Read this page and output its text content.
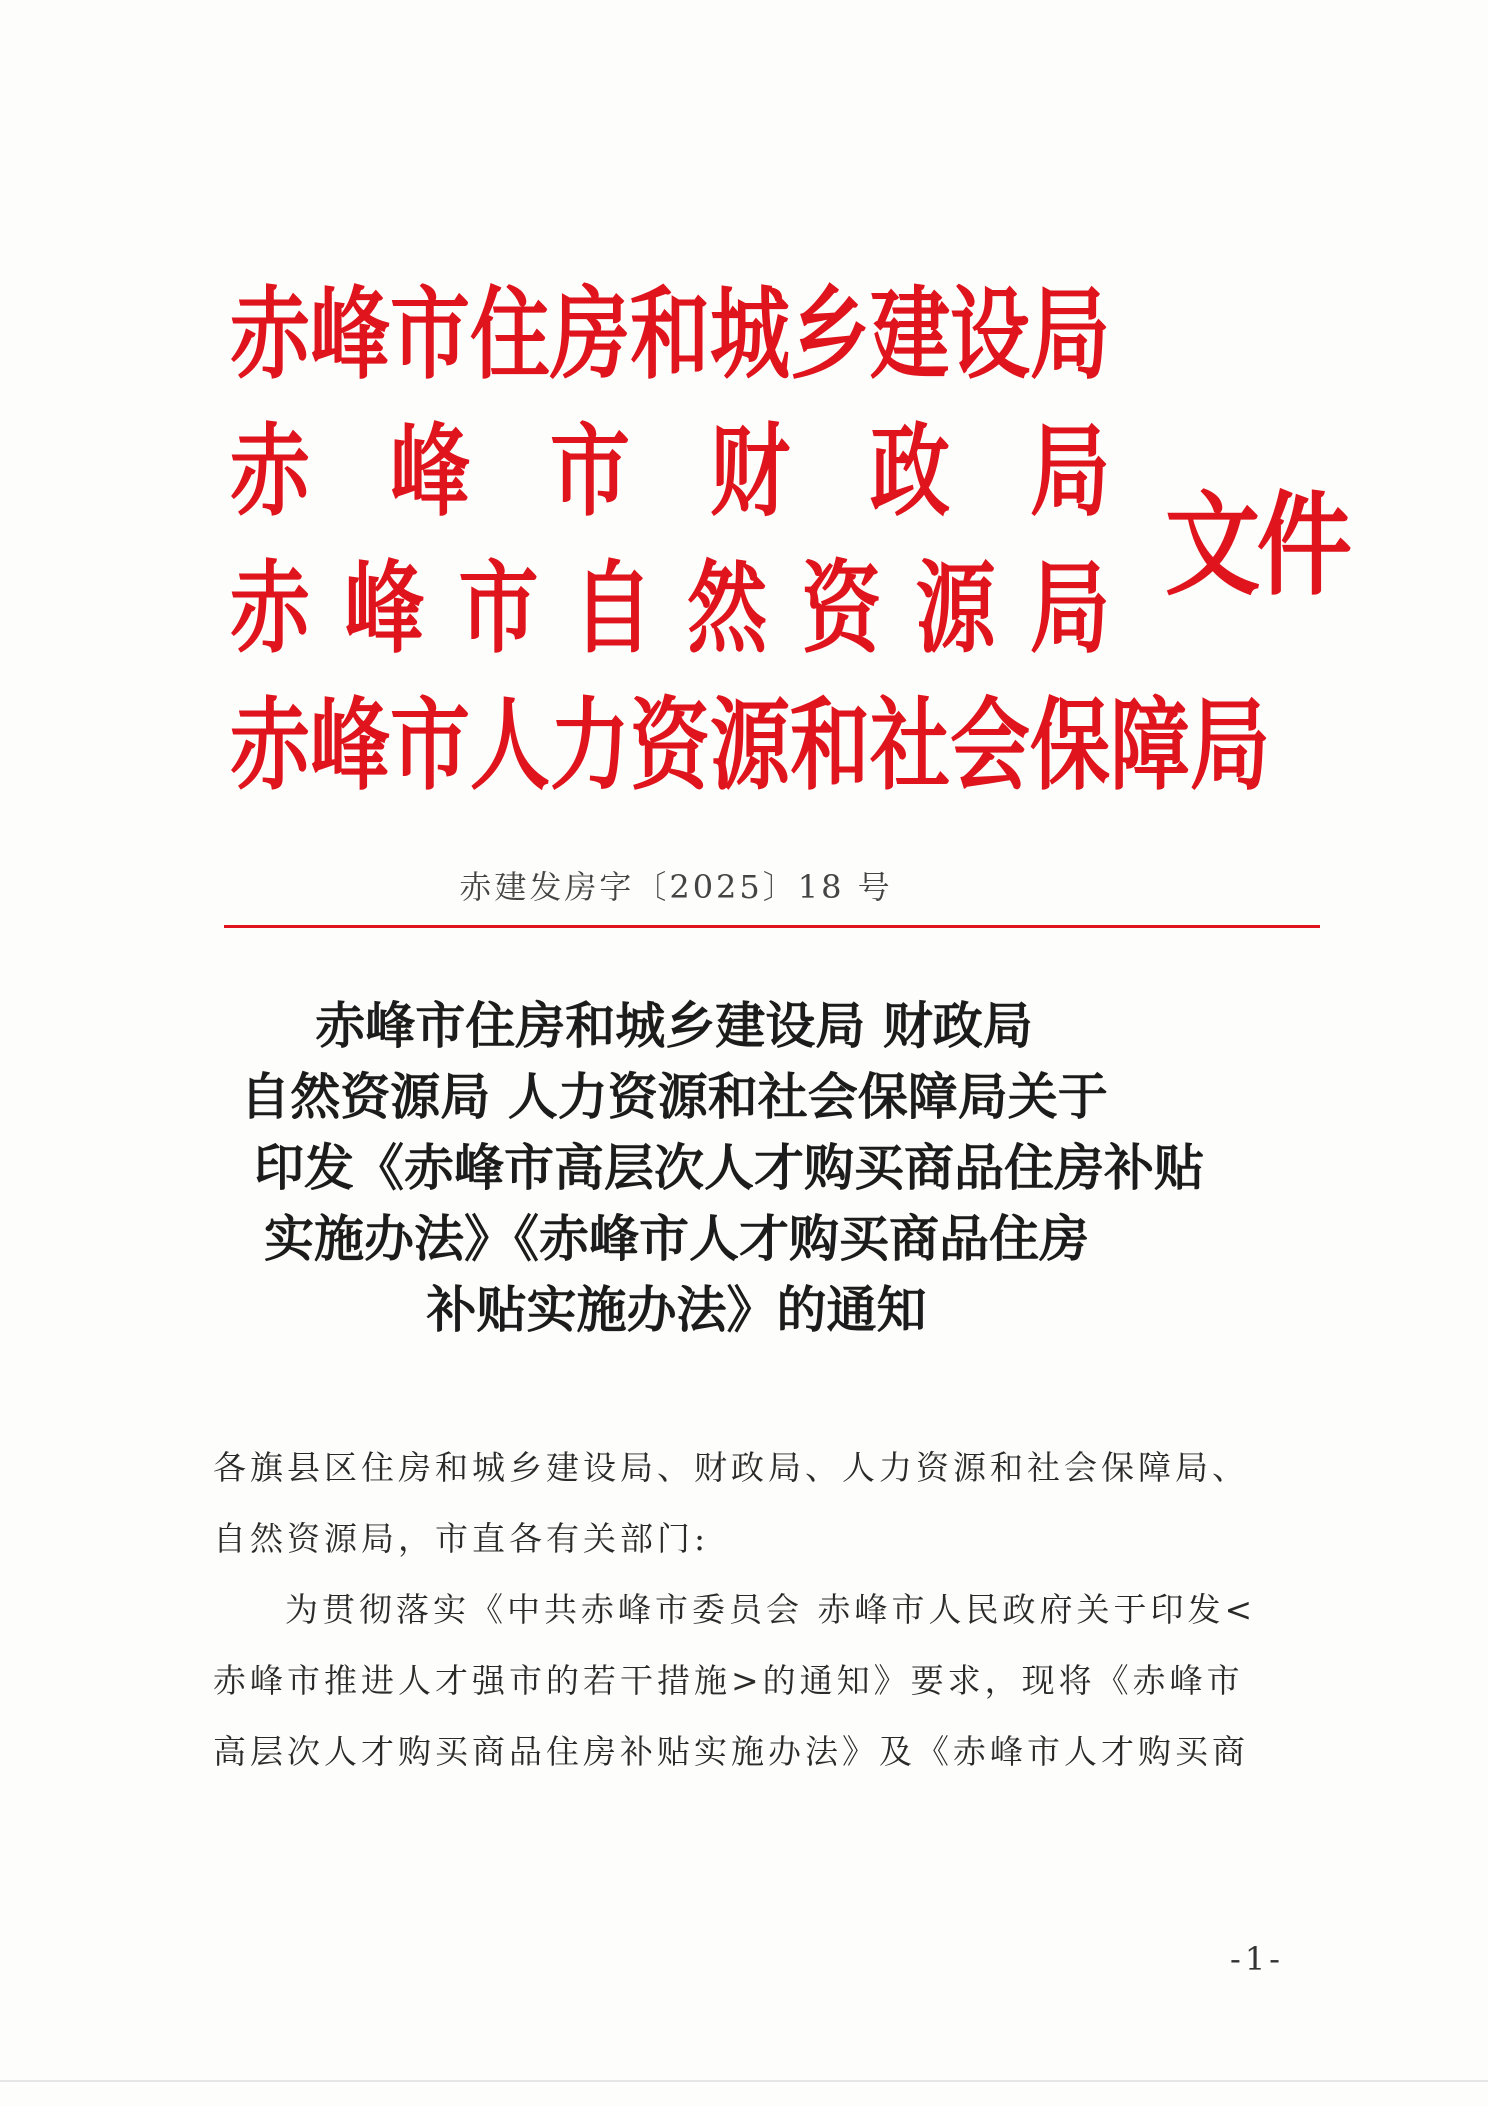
赤 峰 市 住 房 和 城 乡 建 设 局
赤 峰 市 财 政 局
赤 峰 市 自 然 资 源 局
赤 峰 市 人 力 资 源 和 社 会 保 障 局
文件
赤建发房字〔2025〕18 号
赤峰市住房和城乡建设局 财政局
自然资源局 人力资源和社会保障局关于
印发《赤峰市高层次人才购买商品住房补贴
实施办法》《赤峰市人才购买商品住房
补贴实施办法》的通知

各旗县区住房和城乡建设局、财政局、人力资源和社会保障局、

自然资源局，市直各有关部门:

为贯彻落实《中共赤峰市委员会 赤峰市人民政府关于印发<

赤峰市推进人才强市的若干措施>的通知》要求，现将《赤峰市

高层次人才购买商品住房补贴实施办法》及《赤峰市人才购买商

-1-
